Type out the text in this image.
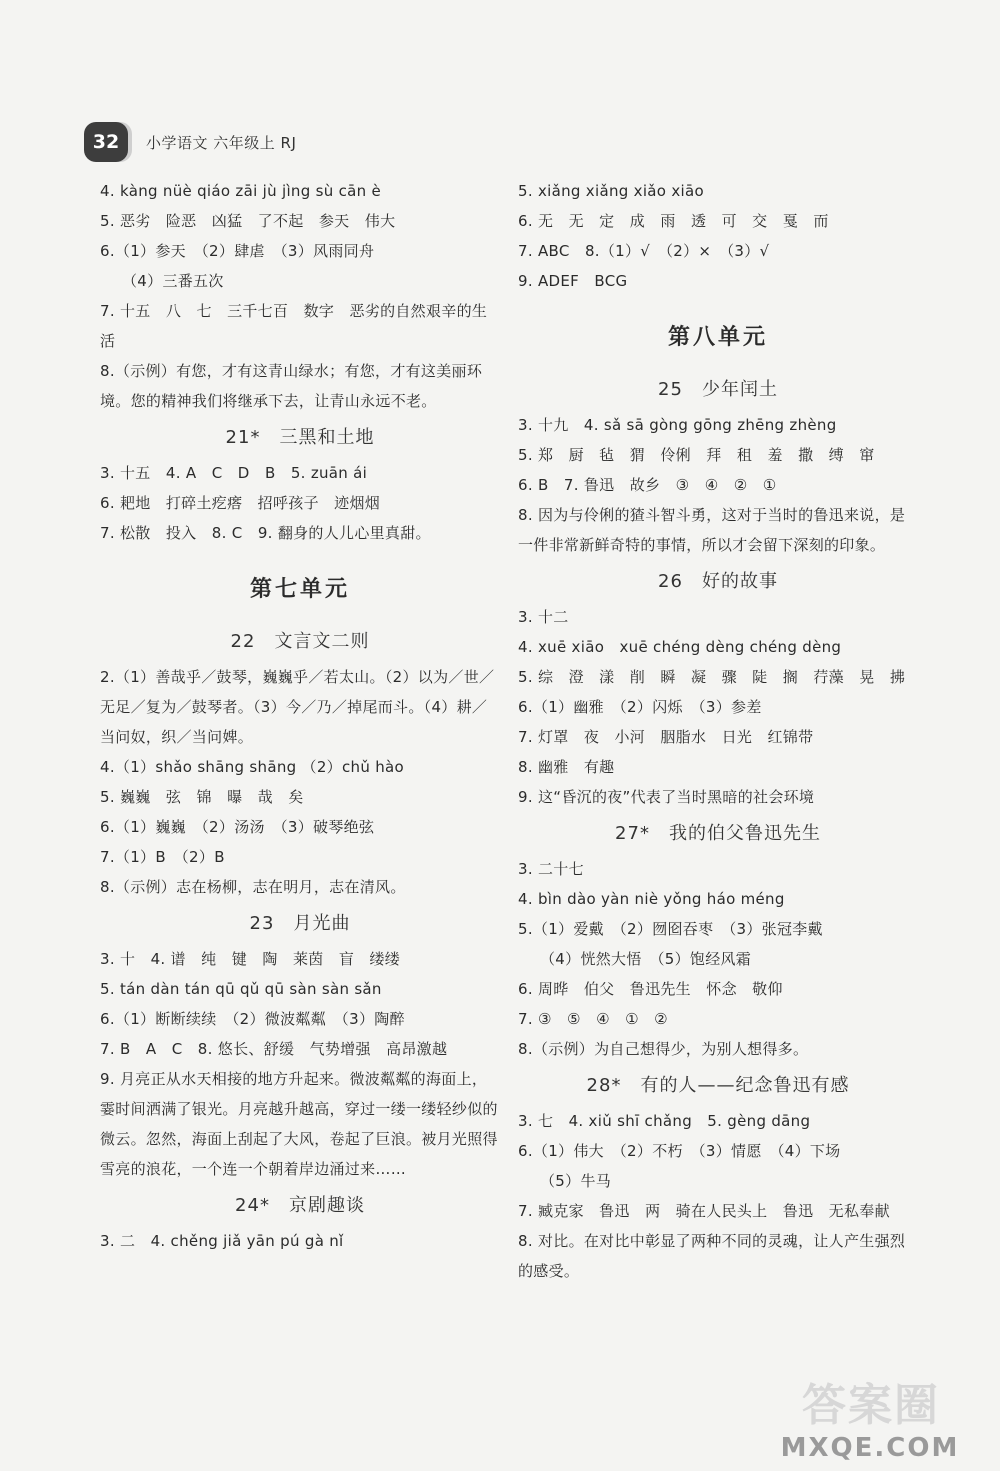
32	小学语文 六年级上 RJ
4. kàng nüè qiáo zāi jù jìng sù cān è
5. 恶劣　险恶　凶猛　了不起　参天　伟大
6.（1）参天　（2）肆虐　（3）风雨同舟
（4）三番五次
7. 十五　八　七　三千七百　数字　恶劣的自然艰辛的生活
8.（示例）有您，才有这青山绿水；有您，才有这美丽环境。您的精神我们将继承下去，让青山永远不老。
21*　三黑和土地
3. 十五　4. A　C　D　B　5. zuān ái
6. 耙地　打碎土疙瘩　招呼孩子　迹烟烟
7. 松散　投入　8. C　9. 翻身的人儿心里真甜。
第七单元
22　文言文二则
2.（1）善哉乎／鼓琴，巍巍乎／若太山。（2）以为／世／无足／复为／鼓琴者。（3）今／乃／掉尾而斗。（4）耕／当问奴，织／当问婢。
4.（1）shǎo shāng shāng （2）chǔ hào
5. 巍巍　弦　锦　曝　哉　矣
6.（1）巍巍　（2）汤汤　（3）破琴绝弦
7.（1）B　（2）B
8.（示例）志在杨柳，志在明月，志在清风。
23　月光曲
3. 十　4. 谱　纯　键　陶　莱茵　盲　缕缕
5. tán dàn tán qū qǔ qū sàn sàn sǎn
6.（1）断断续续　（2）微波粼粼　（3）陶醉
7. B　A　C　8. 悠长、舒缓　气势增强　高昂激越
9. 月亮正从水天相接的地方升起来。微波粼粼的海面上，霎时间洒满了银光。月亮越升越高，穿过一缕一缕轻纱似的微云。忽然，海面上刮起了大风，卷起了巨浪。被月光照得雪亮的浪花，一个连一个朝着岸边涌过来……
24*　京剧趣谈
3. 二　4. chěng jiǎ yān pú gà nǐ
5. xiǎng xiǎng xiǎo xiāo
6. 无　无　定　成　雨　透　可　交　戛　而
7. ABC　8.（1）√　（2）×　（3）√
9. ADEF　BCG
第八单元
25　少年闰土
3. 十九　4. sǎ sā gòng gōng zhēng zhèng
5. 郑　厨　毡　猬　伶俐　拜　租　羞　撒　缚　窜
6. B　7. 鲁迅　故乡　③　④　②　①
8. 因为与伶俐的猹斗智斗勇，这对于当时的鲁迅来说，是一件非常新鲜奇特的事情，所以才会留下深刻的印象。
26　好的故事
3. 十二
4. xuē xiāo　xuē chéng dèng chéng dèng
5. 综　澄　漾　削　瞬　凝　骤　陡　搁　荇藻　晃　拂
6.（1）幽雅　（2）闪烁　（3）参差
7. 灯罩　夜　小河　胭脂水　日光　红锦带
8. 幽雅　有趣
9. 这“昏沉的夜”代表了当时黑暗的社会环境
27*　我的伯父鲁迅先生
3. 二十七
4. bìn dào yàn niè yǒng háo méng
5.（1）爱戴　（2）囫囵吞枣　（3）张冠李戴
（4）恍然大悟　（5）饱经风霜
6. 周晔　伯父　鲁迅先生　怀念　敬仰
7. ③　⑤　④　①　②
8.（示例）为自己想得少，为别人想得多。
28*　有的人——纪念鲁迅有感
3. 七　4. xiǔ shī chǎng　5. gèng dāng
6.（1）伟大　（2）不朽　（3）情愿　（4）下场
（5）牛马
7. 臧克家　鲁迅　两　骑在人民头上　鲁迅　无私奉献
8. 对比。在对比中彰显了两种不同的灵魂，让人产生强烈的感受。
答案圈
MXQE.COM
